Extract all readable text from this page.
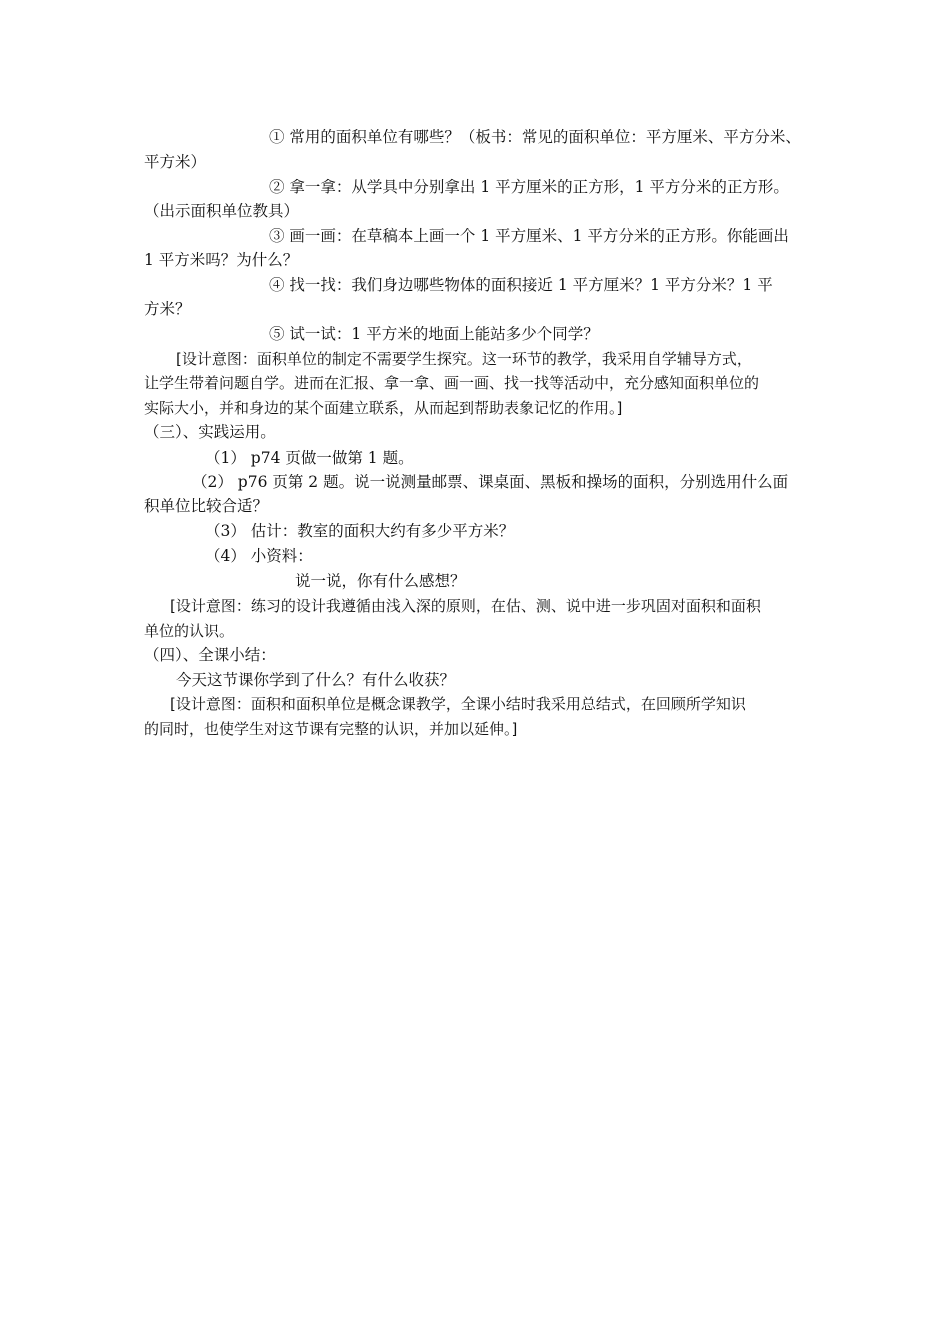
① 常用的面积单位有哪些？（板书：常见的面积单位：平方厘米、平方分米、
平方米）
② 拿一拿：从学具中分别拿出 1 平方厘米的正方形，1 平方分米的正方形。
（出示面积单位教具）
③ 画一画：在草稿本上画一个 1 平方厘米、1 平方分米的正方形。你能画出
1 平方米吗？为什么？
④ 找一找：我们身边哪些物体的面积接近 1 平方厘米？1 平方分米？1 平
方米？
⑤ 试一试：1 平方米的地面上能站多少个同学？
[设计意图：面积单位的制定不需要学生探究。这一环节的教学，我采用自学辅导方式，
让学生带着问题自学。进而在汇报、拿一拿、画一画、找一找等活动中，充分感知面积单位的
实际大小，并和身边的某个面建立联系，从而起到帮助表象记忆的作用。]
（三）、实践运用。
（1） p74 页做一做第 1 题。
（2） p76 页第 2 题。说一说测量邮票、课桌面、黑板和操场的面积，分别选用什么面
积单位比较合适？
（3） 估计：教室的面积大约有多少平方米？
（4） 小资料：
说一说，你有什么感想？
[设计意图：练习的设计我遵循由浅入深的原则，在估、测、说中进一步巩固对面积和面积
单位的认识。
（四）、全课小结：
今天这节课你学到了什么？有什么收获？
[设计意图：面积和面积单位是概念课教学，全课小结时我采用总结式，在回顾所学知识
的同时，也使学生对这节课有完整的认识，并加以延伸。]
